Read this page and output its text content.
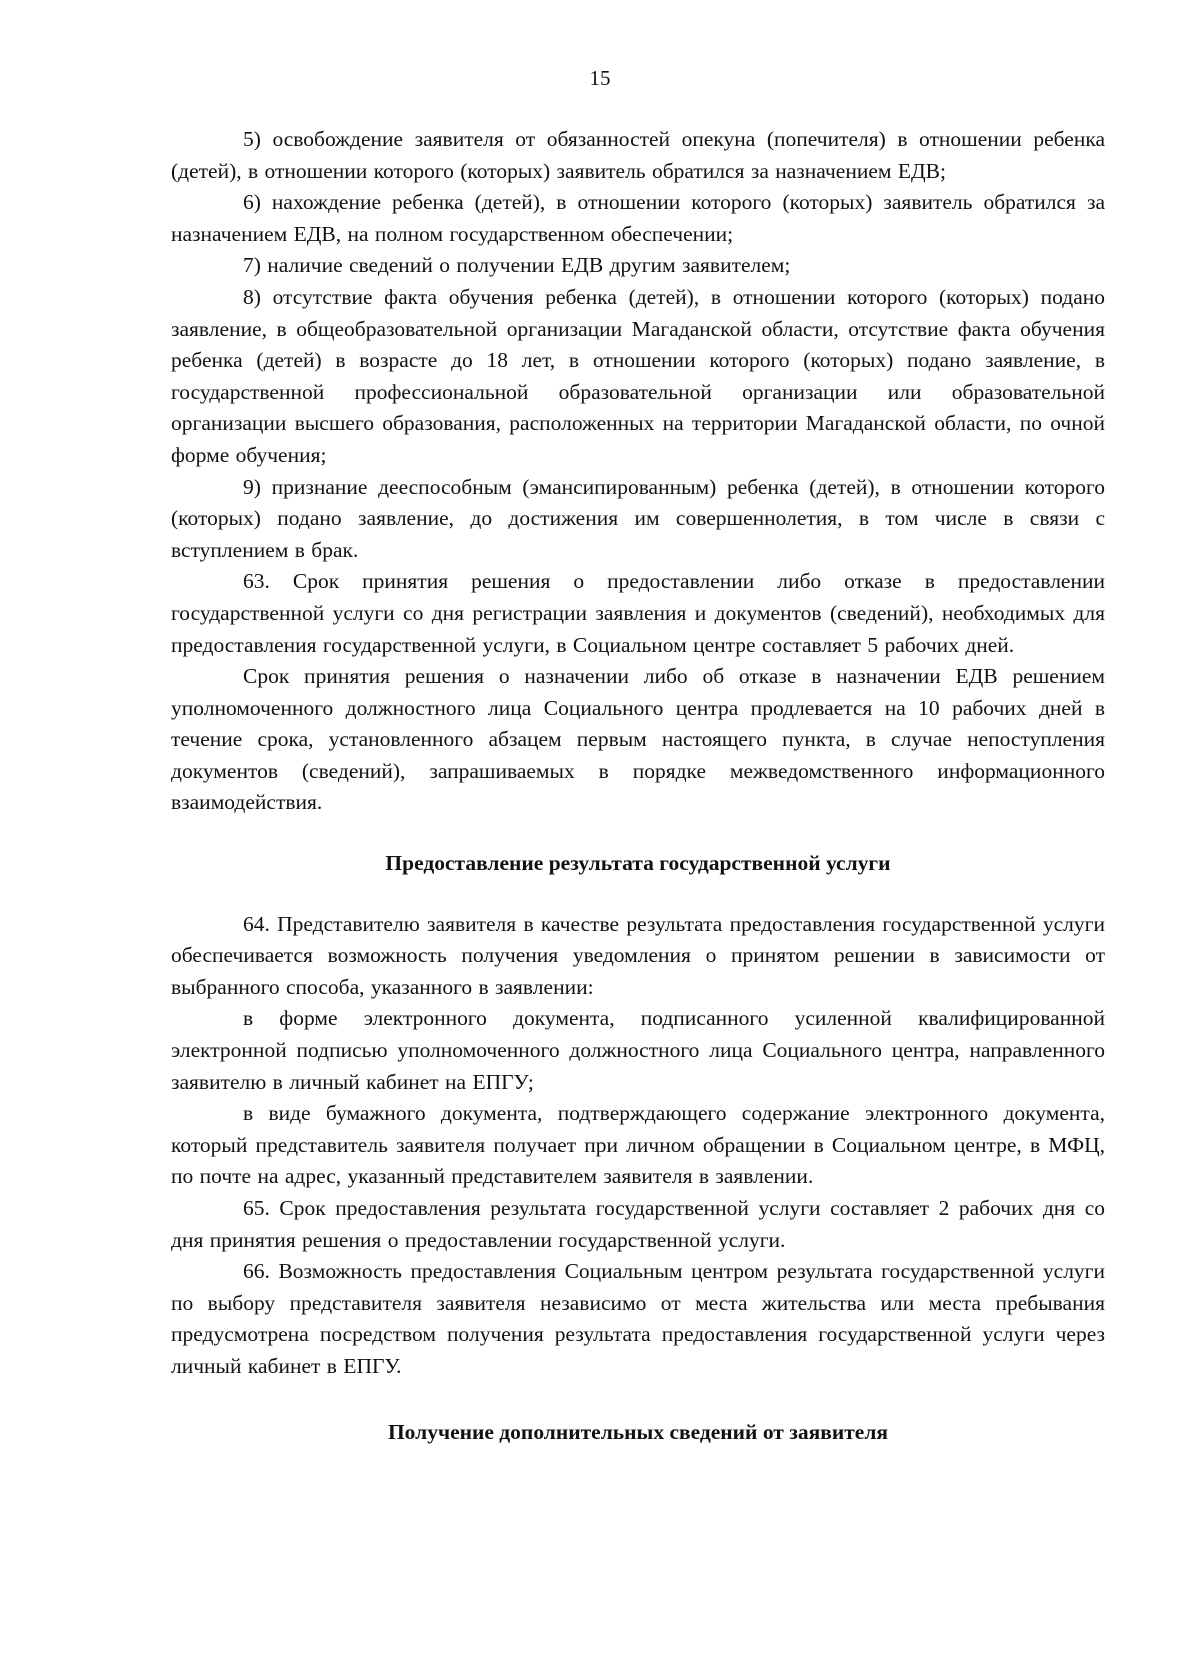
15

5) освобождение заявителя от обязанностей опекуна (попечителя) в отношении ребенка (детей), в отношении которого (которых) заявитель обратился за назначением ЕДВ;

6) нахождение ребенка (детей), в отношении которого (которых) заявитель обратился за назначением ЕДВ, на полном государственном обеспечении;

7) наличие сведений о получении ЕДВ другим заявителем;

8) отсутствие факта обучения ребенка (детей), в отношении которого (которых) подано заявление, в общеобразовательной организации Магаданской области, отсутствие факта обучения ребенка (детей) в возрасте до 18 лет, в отношении которого (которых) подано заявление, в государственной профессиональной образовательной организации или образовательной организации высшего образования, расположенных на территории Магаданской области, по очной форме обучения;

9) признание дееспособным (эмансипированным) ребенка (детей), в отношении которого (которых) подано заявление, до достижения им совершеннолетия, в том числе в связи с вступлением в брак.

63. Срок принятия решения о предоставлении либо отказе в предоставлении государственной услуги со дня регистрации заявления и документов (сведений), необходимых для предоставления государственной услуги, в Социальном центре составляет 5 рабочих дней.

Срок принятия решения о назначении либо об отказе в назначении ЕДВ решением уполномоченного должностного лица Социального центра продлевается на 10 рабочих дней в течение срока, установленного абзацем первым настоящего пункта, в случае непоступления документов (сведений), запрашиваемых в порядке межведомственного информационного взаимодействия.

Предоставление результата государственной услуги

64. Представителю заявителя в качестве результата предоставления государственной услуги обеспечивается возможность получения уведомления о принятом решении в зависимости от выбранного способа, указанного в заявлении:

в форме электронного документа, подписанного усиленной квалифицированной электронной подписью уполномоченного должностного лица Социального центра, направленного заявителю в личный кабинет на ЕПГУ;

в виде бумажного документа, подтверждающего содержание электронного документа, который представитель заявителя получает при личном обращении в Социальном центре, в МФЦ, по почте на адрес, указанный представителем заявителя в заявлении.

65. Срок предоставления результата государственной услуги составляет 2 рабочих дня со дня принятия решения о предоставлении государственной услуги.

66. Возможность предоставления Социальным центром результата государственной услуги по выбору представителя заявителя независимо от места жительства или места пребывания предусмотрена посредством получения результата предоставления государственной услуги через личный кабинет в ЕПГУ.

Получение дополнительных сведений от заявителя
